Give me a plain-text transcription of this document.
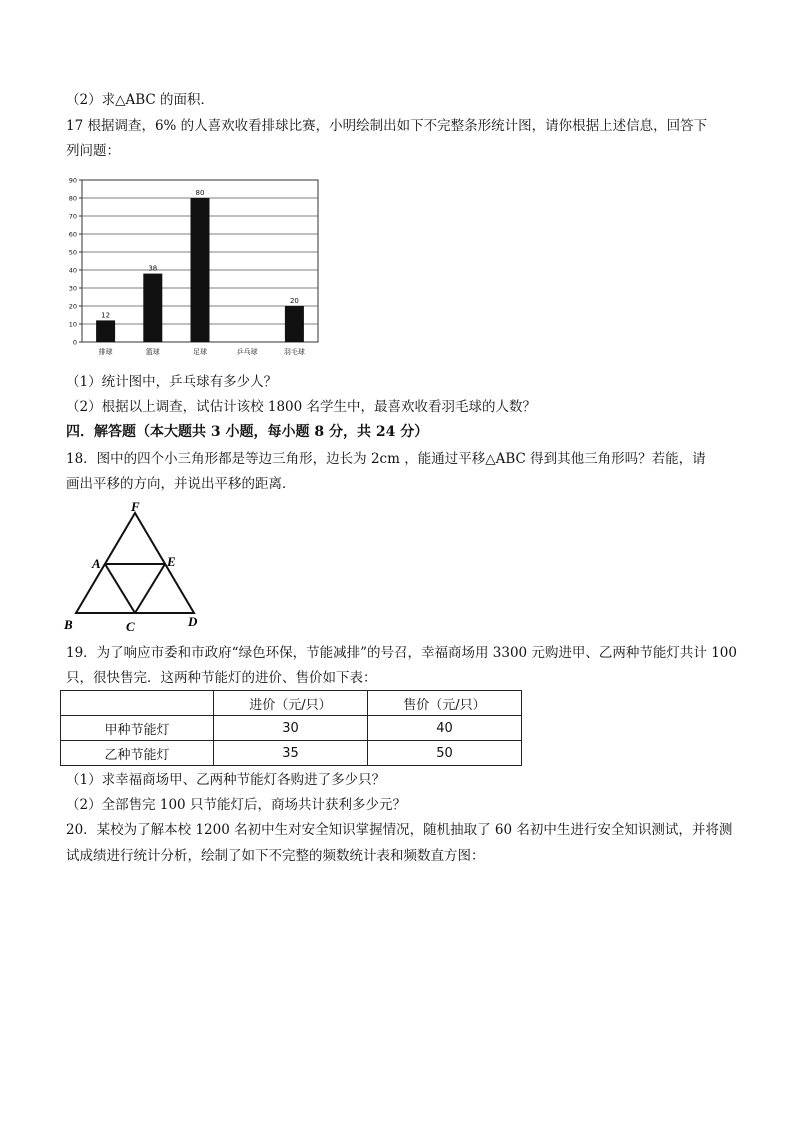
（2）求△ABC 的面积．
17 根据调查，6% 的人喜欢收看排球比赛，小明绘制出如下不完整条形统计图，请你根据上述信息，回答下
列问题：
0
10
20
30
40
50
60
70
80
90
12
排球
38
篮球
80
足球	乒乓球
20
羽毛球
（1）统计图中，乒乓球有多少人？
（2）根据以上调查，试估计该校 1800 名学生中，最喜欢收看羽毛球的人数？
四．解答题（本大题共 3 小题，每小题 8 分，共 24 分）
18．图中的四个小三角形都是等边三角形，边长为 2cm ，能通过平移△ABC 得到其他三角形吗？若能，请
画出平移的方向，并说出平移的距离．
F
A	E
B	C	D
19．为了响应市委和市政府“绿色环保，节能减排”的号召，幸福商场用 3300 元购进甲、乙两种节能灯共计 100
只，很快售完．这两种节能灯的进价、售价如下表：
	进价（元/只）	售价（元/只）
甲种节能灯	30	40
乙种节能灯	35	50
（1）求幸福商场甲、乙两种节能灯各购进了多少只？
（2）全部售完 100 只节能灯后，商场共计获利多少元？
20．某校为了解本校 1200 名初中生对安全知识掌握情况，随机抽取了 60 名初中生进行安全知识测试，并将测
试成绩进行统计分析，绘制了如下不完整的频数统计表和频数直方图：
